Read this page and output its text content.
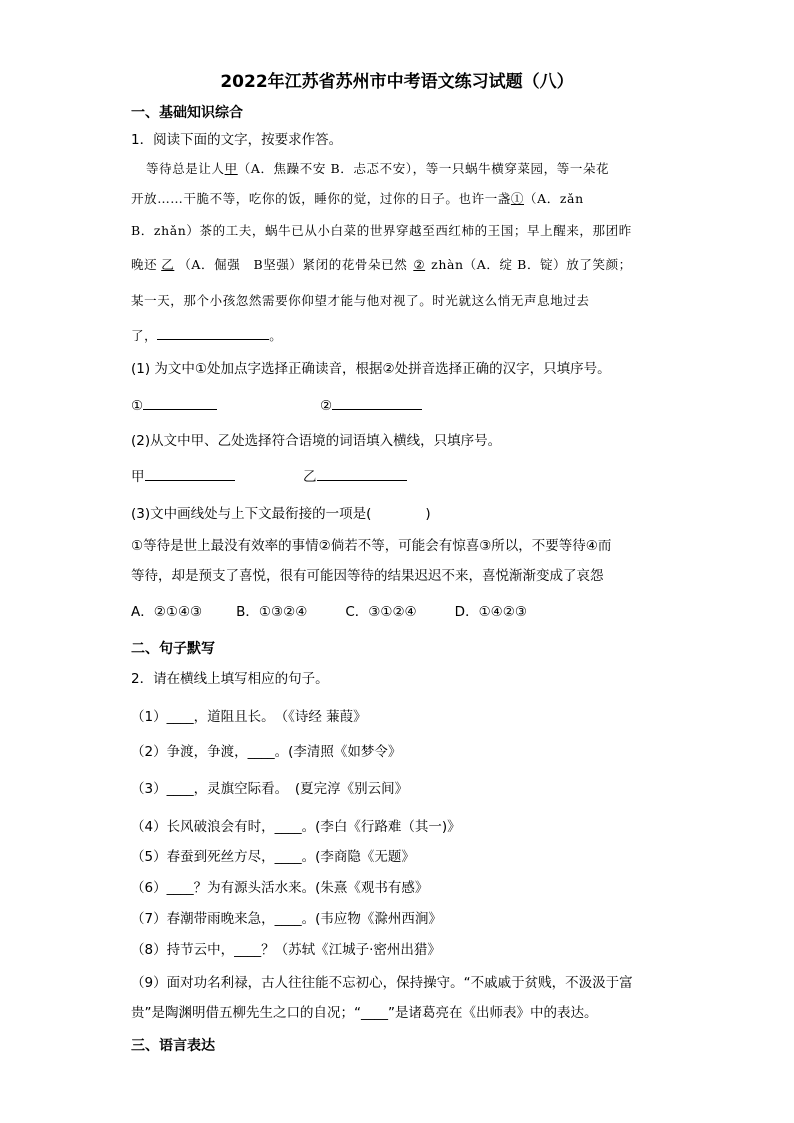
2022年江苏省苏州市中考语文练习试题（八）
一、基础知识综合
1．阅读下面的文字，按要求作答。
等待总是让人甲（A．焦躁不安 B．忐忑不安），等一只蜗牛横穿菜园，等一朵花
开放……干脆不等，吃你的饭，睡你的觉，过你的日子。也许一盏①（A．zǎn
B．zhǎn）茶的工夫，蜗牛已从小白菜的世界穿越至西红柿的王国；早上醒来，那团昨
晚还 乙 （A．倔强　B坚强）紧闭的花骨朵已然 ② zhàn（A．绽 B．锭）放了笑颜；
某一天，那个小孩忽然需要你仰望才能与他对视了。时光就这么悄无声息地过去
了，	。
(1) 为文中①处加点字选择正确读音，根据②处拼音选择正确的汉字，只填序号。
①	②
(2)从文中甲、乙处选择符合语境的词语填入横线，只填序号。
甲	乙
(3)文中画线处与上下文最衔接的一项是(　　　　)
①等待是世上最没有效率的事情②倘若不等，可能会有惊喜③所以，不要等待④而
等待，却是预支了喜悦，很有可能因等待的结果迟迟不来，喜悦渐渐变成了哀怨
A．②①④③	B．①③②④	C．③①②④	D．①④②③
二、句子默写
2．请在横线上填写相应的句子。
（1）____，道阻且长。　（《诗经 蒹葭》
（2）争渡，争渡，____。(李清照《如梦令》
（3）____，灵旗空际看。　(夏完淳《别云间》
（4）长风破浪会有时，____。(李白《行路难（其一)》
（5）春蚕到死丝方尽，____。(李商隐《无题》
（6）____？为有源头活水来。(朱熹《观书有感》
（7）春潮带雨晚来急，____。(韦应物《滁州西涧》
（8）持节云中，____？（苏轼《江城子·密州出猎》
（9）面对功名利禄，古人往往能不忘初心，保持操守。“不戚戚于贫贱，不汲汲于富
贵”是陶渊明借五柳先生之口的自况；“____”是诸葛亮在《出师表》中的表达。
三、语言表达
